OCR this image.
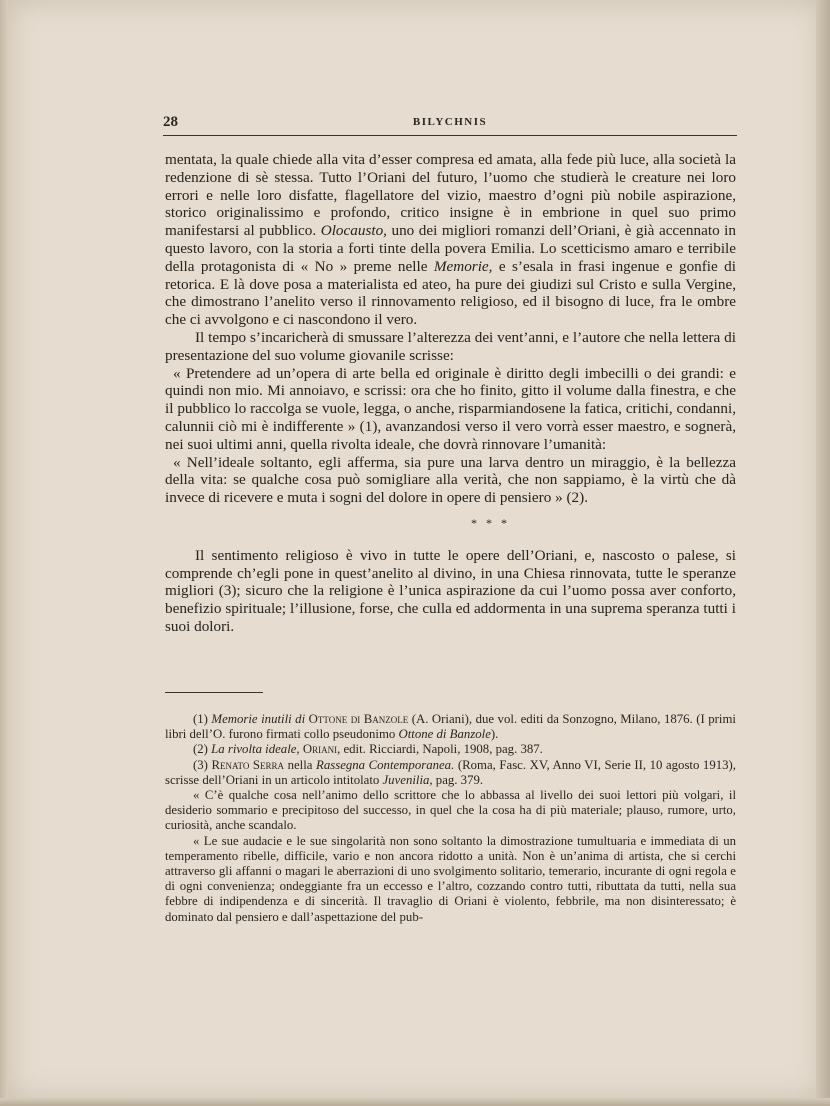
28	BILYCHNIS

mentata, la quale chiede alla vita d’esser compresa ed amata, alla fede più luce, alla società la redenzione di sè stessa. Tutto l’Oriani del futuro, l’uomo che studierà le creature nei loro errori e nelle loro disfatte, flagellatore del vizio, maestro d’ogni più nobile aspirazione, storico originalissimo e profondo, critico insigne è in embrione in quel suo primo manifestarsi al pubblico. Olocausto, uno dei migliori romanzi dell’Oriani, è già accennato in questo lavoro, con la storia a forti tinte della povera Emilia. Lo scetticismo amaro e terribile della protagonista di « No » preme nelle Memorie, e s’esala in frasi ingenue e gonfie di retorica. E là dove posa a materialista ed ateo, ha pure dei giudizi sul Cristo e sulla Vergine, che dimostrano l’anelito verso il rinnovamento religioso, ed il bisogno di luce, fra le ombre che ci avvolgono e ci nascondono il vero.

Il tempo s’incaricherà di smussare l’alterezza dei vent’anni, e l’autore che nella lettera di presentazione del suo volume giovanile scrisse:

« Pretendere ad un’opera di arte bella ed originale è diritto degli imbecilli o dei grandi: e quindi non mio. Mi annoiavo, e scrissi: ora che ho finito, gitto il volume dalla finestra, e che il pubblico lo raccolga se vuole, legga, o anche, risparmiandosene la fatica, critichi, condanni, calunnii ciò mi è indifferente » (1), avanzandosi verso il vero vorrà esser maestro, e sognerà, nei suoi ultimi anni, quella rivolta ideale, che dovrà rinnovare l’umanità:

« Nell’ideale soltanto, egli afferma, sia pure una larva dentro un miraggio, è la bellezza della vita: se qualche cosa può somigliare alla verità, che non sappiamo, è la virtù che dà invece di ricevere e muta i sogni del dolore in opere di pensiero » (2).

* * *

Il sentimento religioso è vivo in tutte le opere dell’Oriani, e, nascosto o palese, si comprende ch’egli pone in quest’anelito al divino, in una Chiesa rinnovata, tutte le speranze migliori (3); sicuro che la religione è l’unica aspirazione da cui l’uomo possa aver conforto, benefizio spirituale; l’illusione, forse, che culla ed addormenta in una suprema speranza tutti i suoi dolori.

(1) Memorie inutili di Ottone di Banzole (A. Oriani), due vol. editi da Sonzogno, Milano, 1876. (I primi libri dell’O. furono firmati collo pseudonimo Ottone di Banzole).

(2) La rivolta ideale, Oriani, edit. Ricciardi, Napoli, 1908, pag. 387.

(3) Renato Serra nella Rassegna Contemporanea. (Roma, Fasc. XV, Anno VI, Serie II, 10 agosto 1913), scrisse dell’Oriani in un articolo intitolato Juvenilia, pag. 379.

« C’è qualche cosa nell’animo dello scrittore che lo abbassa al livello dei suoi lettori più volgari, il desiderio sommario e precipitoso del successo, in quel che la cosa ha di più materiale; plauso, rumore, urto, curiosità, anche scandalo.

« Le sue audacie e le sue singolarità non sono soltanto la dimostrazione tumultuaria e immediata di un temperamento ribelle, difficile, vario e non ancora ridotto a unità. Non è un’anima di artista, che si cerchi attraverso gli affanni o magari le aberrazioni di uno svolgimento solitario, temerario, incurante di ogni regola e di ogni convenienza; ondeggiante fra un eccesso e l’altro, cozzando contro tutti, ributtata da tutti, nella sua febbre di indipendenza e di sincerità. Il travaglio di Oriani è violento, febbrile, ma non disinteressato; è dominato dal pensiero e dall’aspettazione del pub-
